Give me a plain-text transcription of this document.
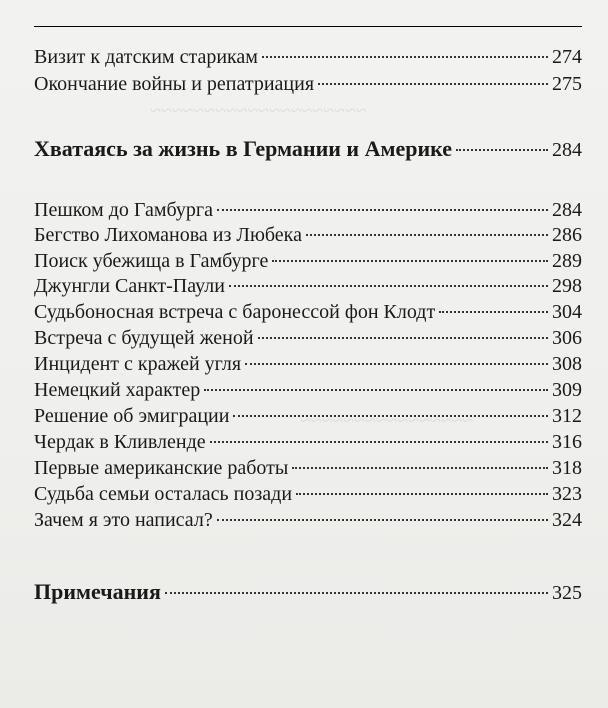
~~~~~~~~~~~~~~~~~~~~
~~~~~~~~~~~~~~~~
Визит к датским старикам	274
Окончание войны и репатриация	275
Хватаясь за жизнь в Германии и Америке	284
Пешком до Гамбурга	284
Бегство Лихоманова из Любека	286
Поиск убежища в Гамбурге	289
Джунгли Санкт-Паули	298
Судьбоносная встреча с баронессой фон Клодт	304
Встреча с будущей женой	306
Инцидент с кражей угля	308
Немецкий характер	309
Решение об эмиграции	312
Чердак в Кливленде	316
Первые американские работы	318
Судьба семьи осталась позади	323
Зачем я это написал?	324
Примечания	325
